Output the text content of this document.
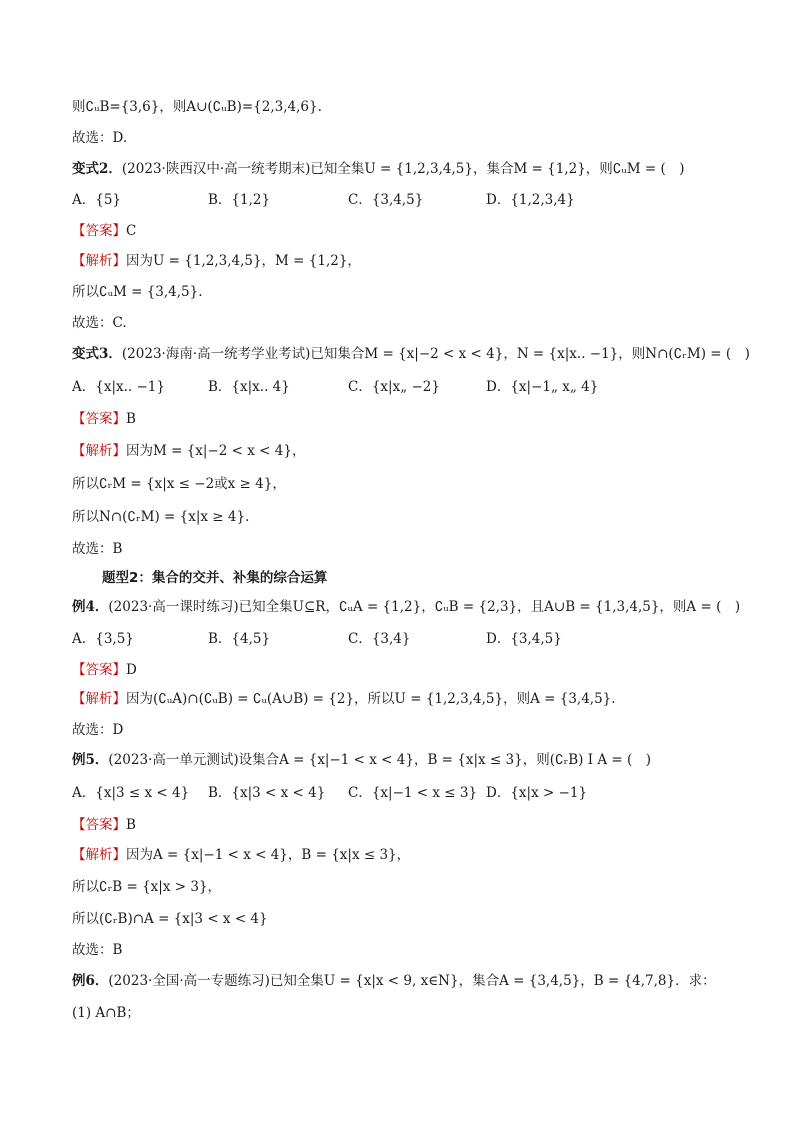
则∁ᵤB={3,6}，则A∪(∁ᵤB)={2,3,4,6}.
故选：D.
变式2．(2023·陕西汉中·高一统考期末)已知全集U = {1,2,3,4,5}，集合M = {1,2}，则∁ᵤM = (　)
A．{5}	B．{1,2}	C．{3,4,5}	D．{1,2,3,4}
【答案】C
【解析】因为U = {1,2,3,4,5}，M = {1,2}，
所以∁ᵤM = {3,4,5}.
故选：C.
变式3．(2023·海南·高一统考学业考试)已知集合M = {x|−2 < x < 4}，N = {x|x.. −1}，则N∩(∁ᵣM) = (　)
A．{x|x.. −1}	B．{x|x.. 4}	C．{x|x„ −2}	D．{x|−1„ x„ 4}
【答案】B
【解析】因为M = {x|−2 < x < 4}，
所以∁ᵣM = {x|x ≤ −2或x ≥ 4}，
所以N∩(∁ᵣM) = {x|x ≥ 4}.
故选：B
题型2：集合的交并、补集的综合运算
例4．(2023·高一课时练习)已知全集U⊆R，∁ᵤA = {1,2}，∁ᵤB = {2,3}，且A∪B = {1,3,4,5}，则A = (　)
A．{3,5}	B．{4,5}	C．{3,4}	D．{3,4,5}
【答案】D
【解析】因为(∁ᵤA)∩(∁ᵤB) = ∁ᵤ(A∪B) = {2}，所以U = {1,2,3,4,5}，则A = {3,4,5}.
故选：D
例5．(2023·高一单元测试)设集合A = {x|−1 < x < 4}，B = {x|x ≤ 3}，则(∁ᵣB) I A = (　)
A．{x|3 ≤ x < 4} B．{x|3 < x < 4} C．{x|−1 < x ≤ 3} D．{x|x > −1}
【答案】B
【解析】因为A = {x|−1 < x < 4}，B = {x|x ≤ 3}，
所以∁ᵣB = {x|x > 3}，
所以(∁ᵣB)∩A = {x|3 < x < 4}
故选：B
例6．(2023·全国·高一专题练习)已知全集U = {x|x < 9, x∈N}，集合A = {3,4,5}，B = {4,7,8}．求：
(1) A∩B；
